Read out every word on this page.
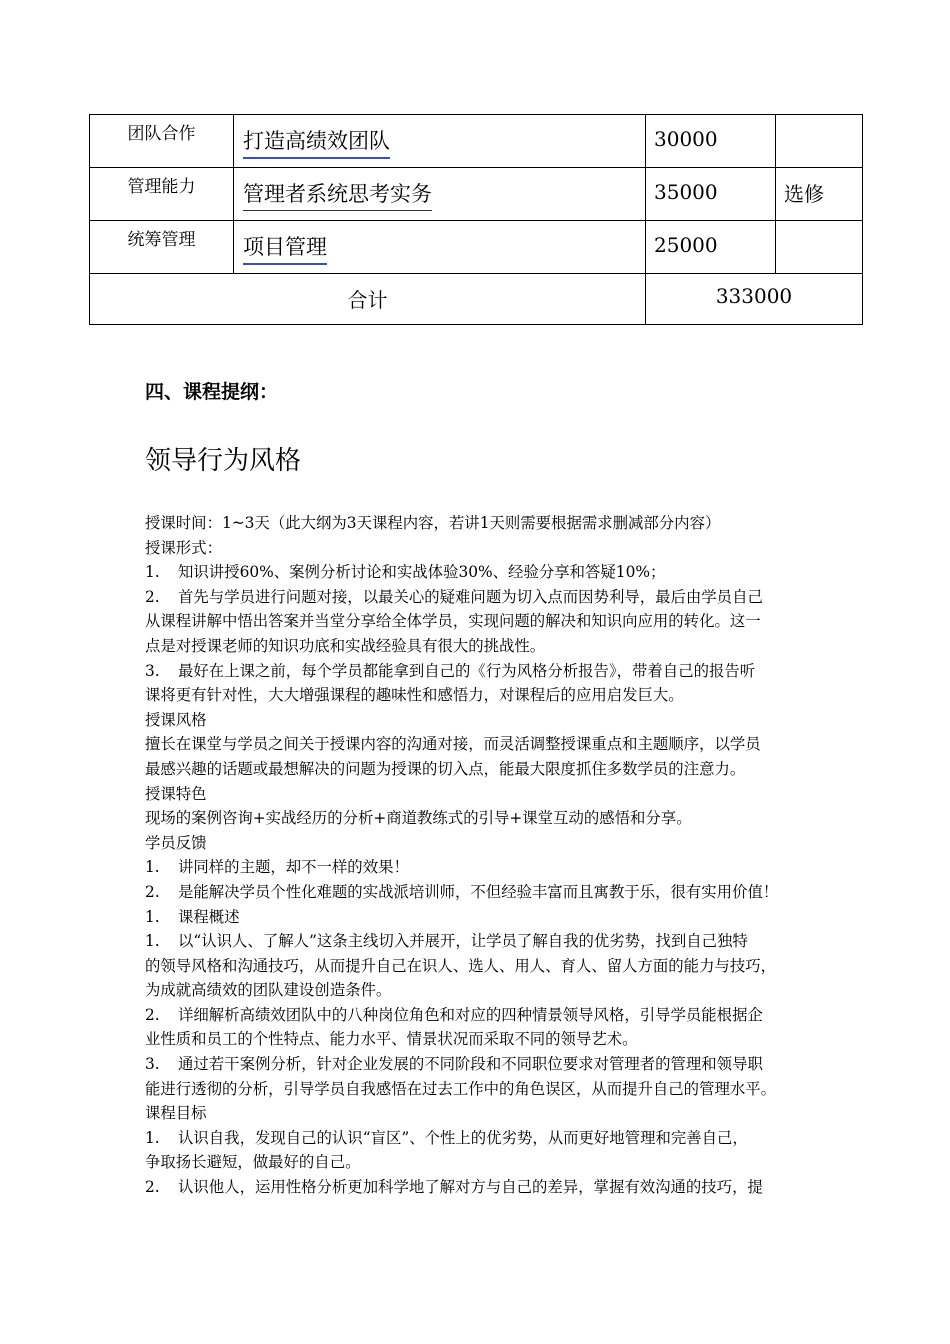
团队合作	打造高绩效团队	30000	
管理能力	管理者系统思考实务	35000	选修
统筹管理	项目管理	25000	
合计		333000	
四、课程提纲：
领导行为风格

授课时间：1~3天（此大纲为3天课程内容，若讲1天则需要根据需求删减部分内容）

授课形式：

1. 知识讲授60%、案例分析讨论和实战体验30%、经验分享和答疑10%；

2. 首先与学员进行问题对接，以最关心的疑难问题为切入点而因势利导，最后由学员自己

从课程讲解中悟出答案并当堂分享给全体学员，实现问题的解决和知识向应用的转化。这一

点是对授课老师的知识功底和实战经验具有很大的挑战性。

3. 最好在上课之前，每个学员都能拿到自己的《行为风格分析报告》，带着自己的报告听

课将更有针对性，大大增强课程的趣味性和感悟力，对课程后的应用启发巨大。

授课风格

擅长在课堂与学员之间关于授课内容的沟通对接，而灵活调整授课重点和主题顺序，以学员

最感兴趣的话题或最想解决的问题为授课的切入点，能最大限度抓住多数学员的注意力。

授课特色

现场的案例咨询+实战经历的分析+商道教练式的引导+课堂互动的感悟和分享。

学员反馈

1. 讲同样的主题，却不一样的效果！

2. 是能解决学员个性化难题的实战派培训师，不但经验丰富而且寓教于乐，很有实用价值！

1. 课程概述

1. 以“认识人、了解人”这条主线切入并展开，让学员了解自我的优劣势，找到自己独特

的领导风格和沟通技巧，从而提升自己在识人、选人、用人、育人、留人方面的能力与技巧，

为成就高绩效的团队建设创造条件。

2. 详细解析高绩效团队中的八种岗位角色和对应的四种情景领导风格，引导学员能根据企

业性质和员工的个性特点、能力水平、情景状况而采取不同的领导艺术。

3. 通过若干案例分析，针对企业发展的不同阶段和不同职位要求对管理者的管理和领导职

能进行透彻的分析，引导学员自我感悟在过去工作中的角色误区，从而提升自己的管理水平。

课程目标

1. 认识自我，发现自己的认识“盲区”、个性上的优劣势，从而更好地管理和完善自己，

争取扬长避短，做最好的自己。

2. 认识他人，运用性格分析更加科学地了解对方与自己的差异，掌握有效沟通的技巧，提
